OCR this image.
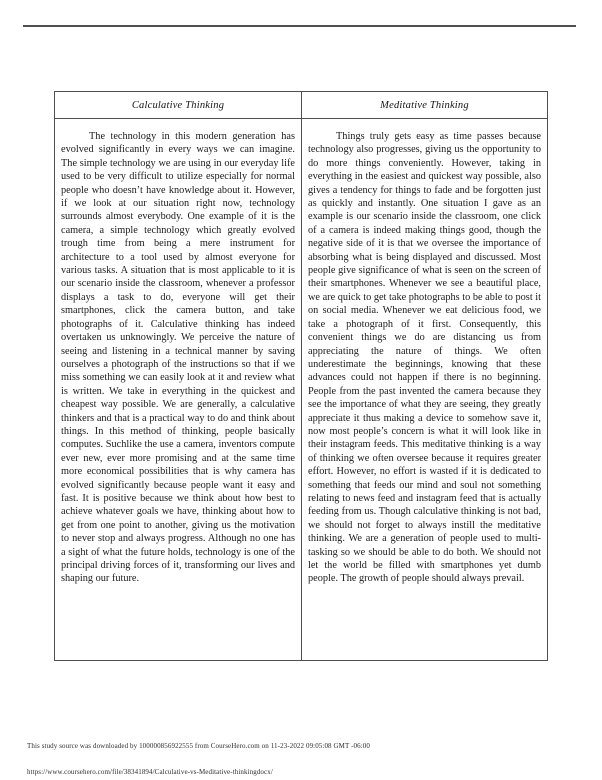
Calculative Thinking	Meditative Thinking

The technology in this modern generation has evolved significantly in every ways we can imagine. The simple technology we are using in our everyday life used to be very difficult to utilize especially for normal people who doesn’t have knowledge about it. However, if we look at our situation right now, technology surrounds almost everybody. One example of it is the camera, a simple technology which greatly evolved trough time from being a mere instrument for architecture to a tool used by almost everyone for various tasks. A situation that is most applicable to it is our scenario inside the classroom, whenever a professor displays a task to do, everyone will get their smartphones, click the camera button, and take photographs of it. Calculative thinking has indeed overtaken us unknowingly. We perceive the nature of seeing and listening in a technical manner by saving ourselves a photograph of the instructions so that if we miss something we can easily look at it and review what is written. We take in everything in the quickest and cheapest way possible. We are generally, a calculative thinkers and that is a practical way to do and think about things. In this method of thinking, people basically computes. Suchlike the use a camera, inventors compute ever new, ever more promising and at the same time more economical possibilities that is why camera has evolved significantly because people want it easy and fast. It is positive because we think about how best to achieve whatever goals we have, thinking about how to get from one point to another, giving us the motivation to never stop and always progress. Although no one has a sight of what the future holds, technology is one of the principal driving forces of it, transforming our lives and shaping our future.

Things truly gets easy as time passes because technology also progresses, giving us the opportunity to do more things conveniently. However, taking in everything in the easiest and quickest way possible, also gives a tendency for things to fade and be forgotten just as quickly and instantly. One situation I gave as an example is our scenario inside the classroom, one click of a camera is indeed making things good, though the negative side of it is that we oversee the importance of absorbing what is being displayed and discussed. Most people give significance of what is seen on the screen of their smartphones. Whenever we see a beautiful place, we are quick to get take photographs to be able to post it on social media. Whenever we eat delicious food, we take a photograph of it first. Consequently, this convenient things we do are distancing us from appreciating the nature of things. We often underestimate the beginnings, knowing that these advances could not happen if there is no beginning. People from the past invented the camera because they see the importance of what they are seeing, they greatly appreciate it thus making a device to somehow save it, now most people’s concern is what it will look like in their instagram feeds. This meditative thinking is a way of thinking we often oversee because it requires greater effort. However, no effort is wasted if it is dedicated to something that feeds our mind and soul not something relating to news feed and instagram feed that is actually feeding from us. Though calculative thinking is not bad, we should not forget to always instill the meditative thinking. We are a generation of people used to multi-tasking so we should be able to do both. We should not let the world be filled with smartphones yet dumb people. The growth of people should always prevail.

This study source was downloaded by 100000856922555 from CourseHero.com on 11-23-2022 09:05:08 GMT -06:00
https://www.coursehero.com/file/38341894/Calculative-vs-Meditative-thinkingdocx/
